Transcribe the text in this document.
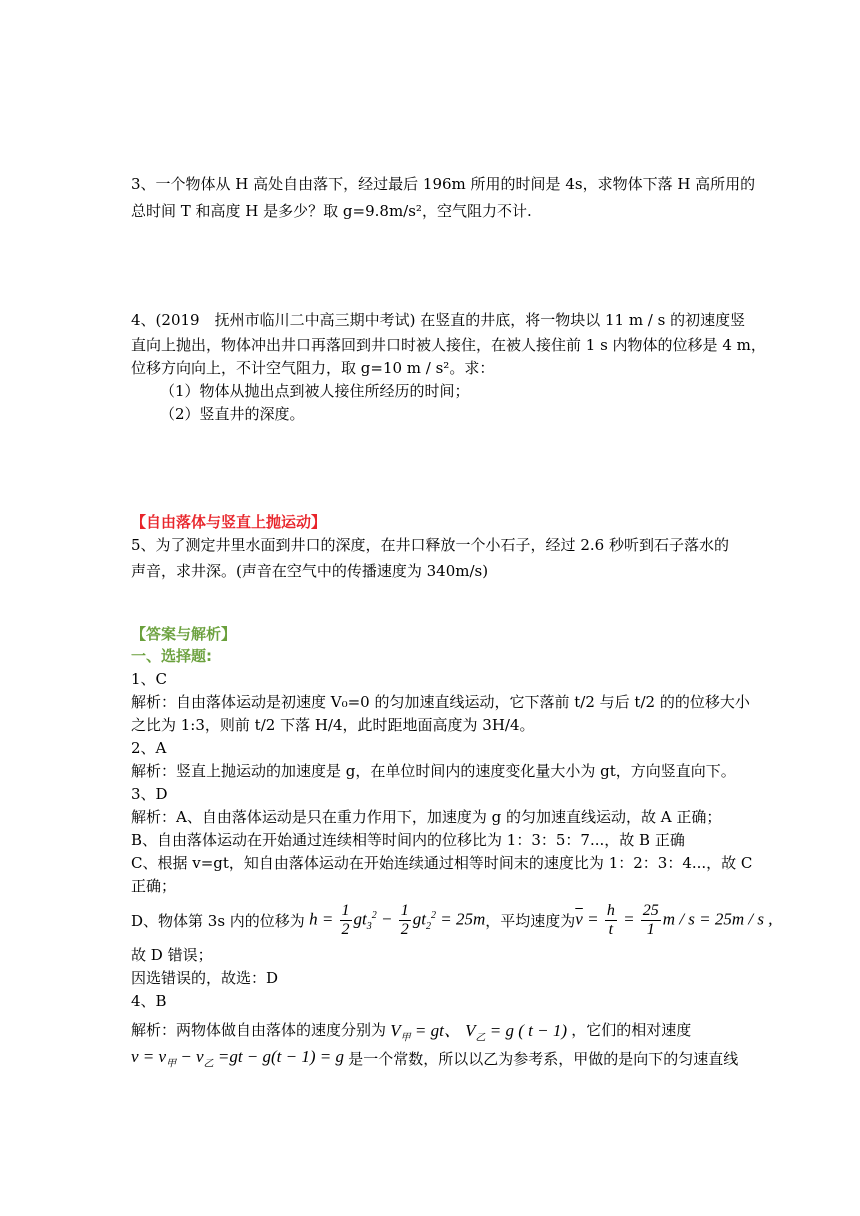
3、一个物体从 H 高处自由落下，经过最后 196m 所用的时间是 4s，求物体下落 H 高所用的
总时间 T 和高度 H 是多少？取 g=9.8m/s²，空气阻力不计.
4、(2019　抚州市临川二中高三期中考试) 在竖直的井底，将一物块以 11 m / s 的初速度竖
直向上抛出，物体冲出井口再落回到井口时被人接住，在被人接住前 1 s 内物体的位移是 4 m，
位移方向向上，不计空气阻力，取 g=10 m / s²。求：
（1）物体从抛出点到被人接住所经历的时间；
（2）竖直井的深度。
【自由落体与竖直上抛运动】
5、为了测定井里水面到井口的深度，在井口释放一个小石子，经过 2.6 秒听到石子落水的
声音，求井深。(声音在空气中的传播速度为 340m/s)
【答案与解析】
一、选择题:
1、C
解析：自由落体运动是初速度 V₀=0 的匀加速直线运动，它下落前 t/2 与后 t/2 的的位移大小
之比为 1:3，则前 t/2 下落 H/4，此时距地面高度为 3H/4。
2、A
解析：竖直上抛运动的加速度是 g，在单位时间内的速度变化量大小为 gt，方向竖直向下。
3、D
解析：A、自由落体运动是只在重力作用下，加速度为 g 的匀加速直线运动，故 A 正确；
B、自由落体运动在开始通过连续相等时间内的位移比为 1：3：5：7...，故 B 正确
C、根据 v=gt，知自由落体运动在开始连续通过相等时间末的速度比为 1：2：3：4...，故 C
正确；
D、物体第 3s 内的位移为 $h = \frac{1}{2} gt_3^2 - \frac{1}{2} gt_2^2 = 25m$ ，平均速度为 $\overline{v} = \frac{h}{t} = \frac{25}{1}$ m / s = 25m / s ,
故 D 错误；
因选错误的，故选：D
4、B
解析：两物体做自由落体的速度分别为 $V_甲$ = gt、 $V_乙 = g$ ( t − 1) ，它们的相对速度
$v = v_甲 - v_乙 =gt - g(t - 1) = g$ 是一个常数，所以以乙为参考系，甲做的是向下的匀速直线
